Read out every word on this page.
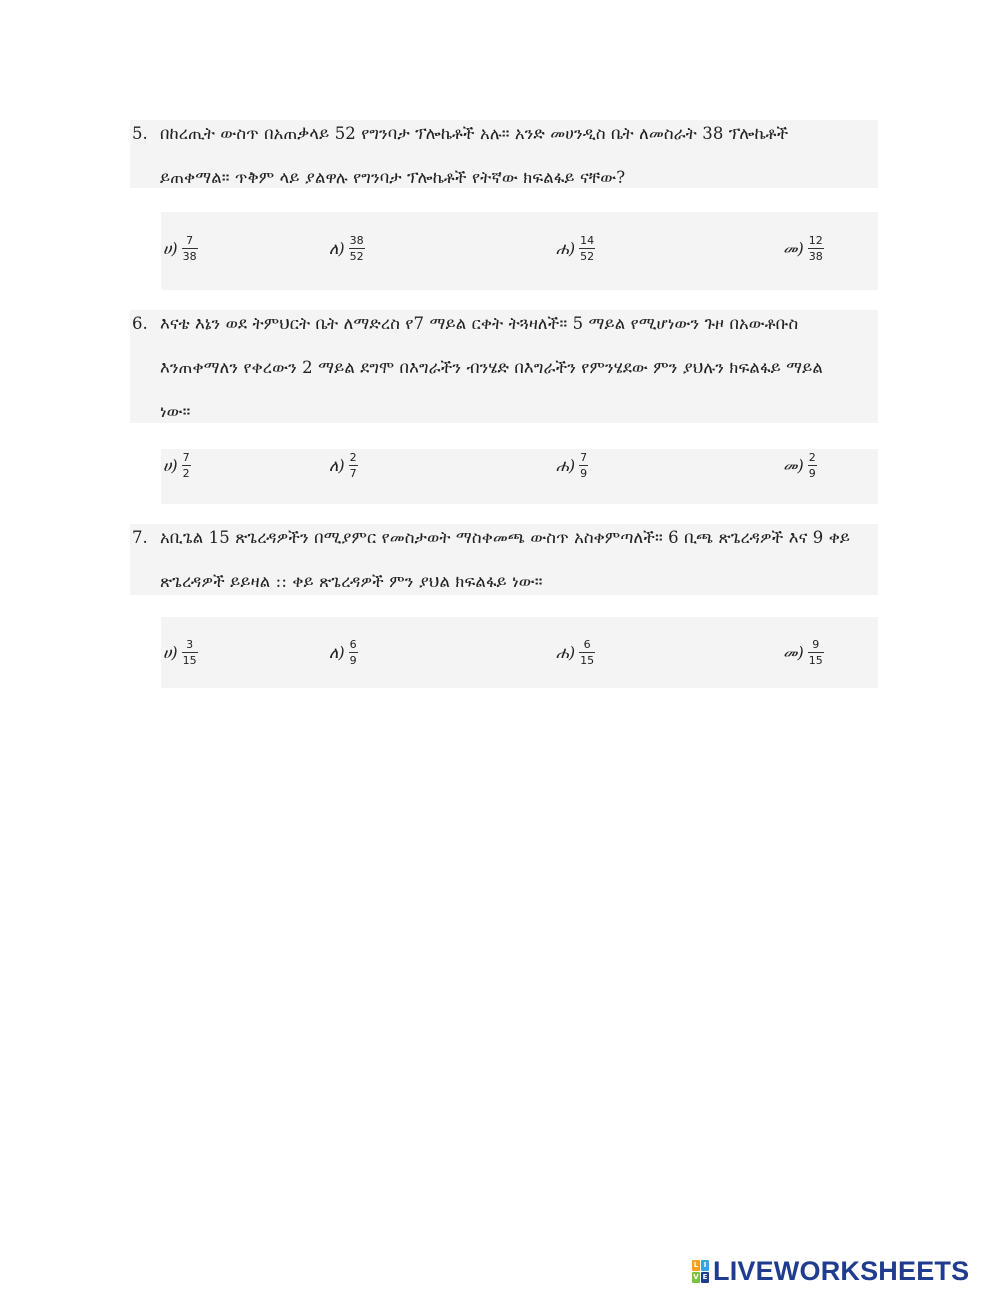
5. በከረጢት ውስጥ በአጠቃላይ 52 የግንባታ ፕሎኬቶች አሉ። አንድ መሀንዲስ ቤት ለመስራት 38 ፕሎኬቶች
ይጠቀማል። ጥቅም ላይ ያልዋሉ የግንባታ ፕሎኬቶች የትኛው ክፍልፋይ ናቸው?
ሀ) $\frac{7}{38}$	ለ) $\frac{38}{52}$	ሐ) $\frac{14}{52}$	መ) $\frac{12}{38}$
6. እናቴ እኔን ወደ ትምህርት ቤት ለማድረስ የ7 ማይል ርቀት ትጓዛለች። 5 ማይል የሚሆነውን ጉዞ በአውቶቡስ
እንጠቀማለን የቀረውን 2 ማይል ደግሞ በእግራችን ብንሄድ በእግራችን የምንሄደው ምን ያህሉን ክፍልፋይ ማይል
ነው።
ሀ) $\frac{7}{2}$	ለ) $\frac{2}{7}$	ሐ) $\frac{7}{9}$	መ) $\frac{2}{9}$
7. አቢጌል 15 ጽጌረዳዎችን በሚያምር የመስታወት ማስቀመጫ ውስጥ አስቀምጣለች። 6 ቢጫ ጽጌረዳዎች እና 9 ቀይ
ጽጌረዳዎች ይይዛል :: ቀይ ጽጌረዳዎች ምን ያህል ክፍልፋይ ነው።
ሀ) $\frac{3}{15}$	ለ) $\frac{6}{9}$	ሐ) $\frac{6}{15}$	መ) $\frac{9}{15}$
L I
V E LIVEWORKSHEETS
